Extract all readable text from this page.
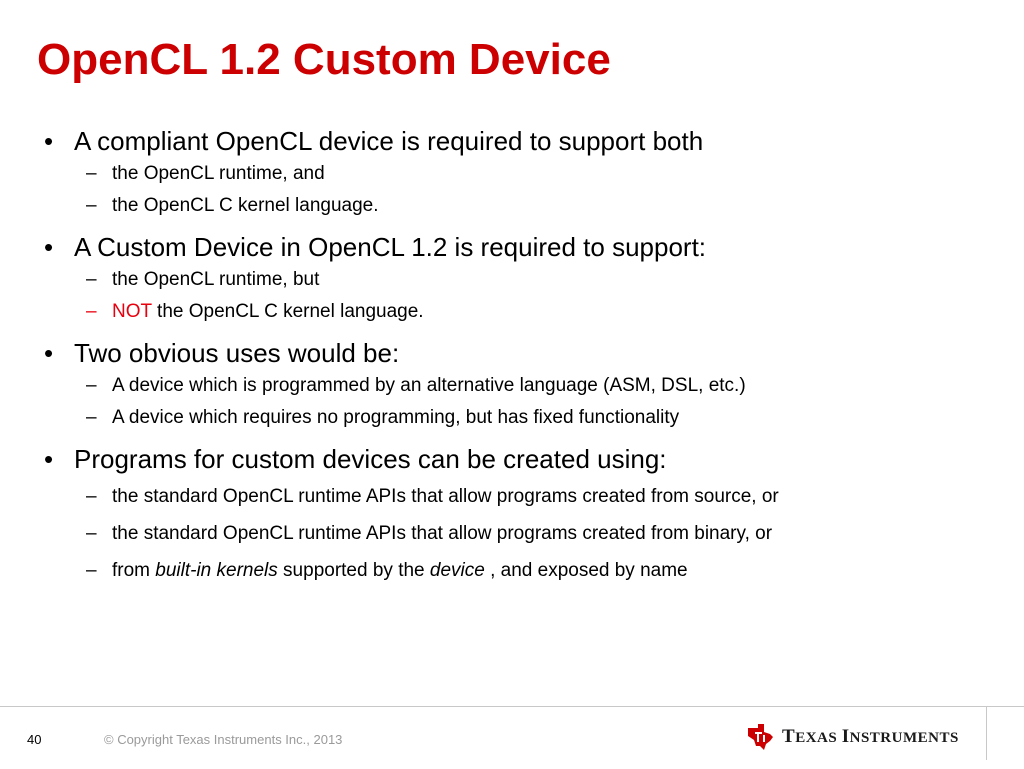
OpenCL 1.2 Custom Device
• A compliant OpenCL device is required to support both
– the OpenCL runtime, and
– the OpenCL C kernel language.
• A Custom Device in OpenCL 1.2 is required to support:
– the OpenCL runtime, but
– NOT the OpenCL C kernel language.
• Two obvious uses would be:
– A device which is programmed by an alternative language (ASM, DSL, etc.)
– A device which requires no programming, but has fixed functionality
• Programs for custom devices can be created using:
– the standard OpenCL runtime APIs that allow programs created from source, or
– the standard OpenCL runtime APIs that allow programs created from binary, or
– from built-in kernels supported by the device , and exposed by name
40	© Copyright Texas Instruments Inc., 2013	TEXAS INSTRUMENTS
